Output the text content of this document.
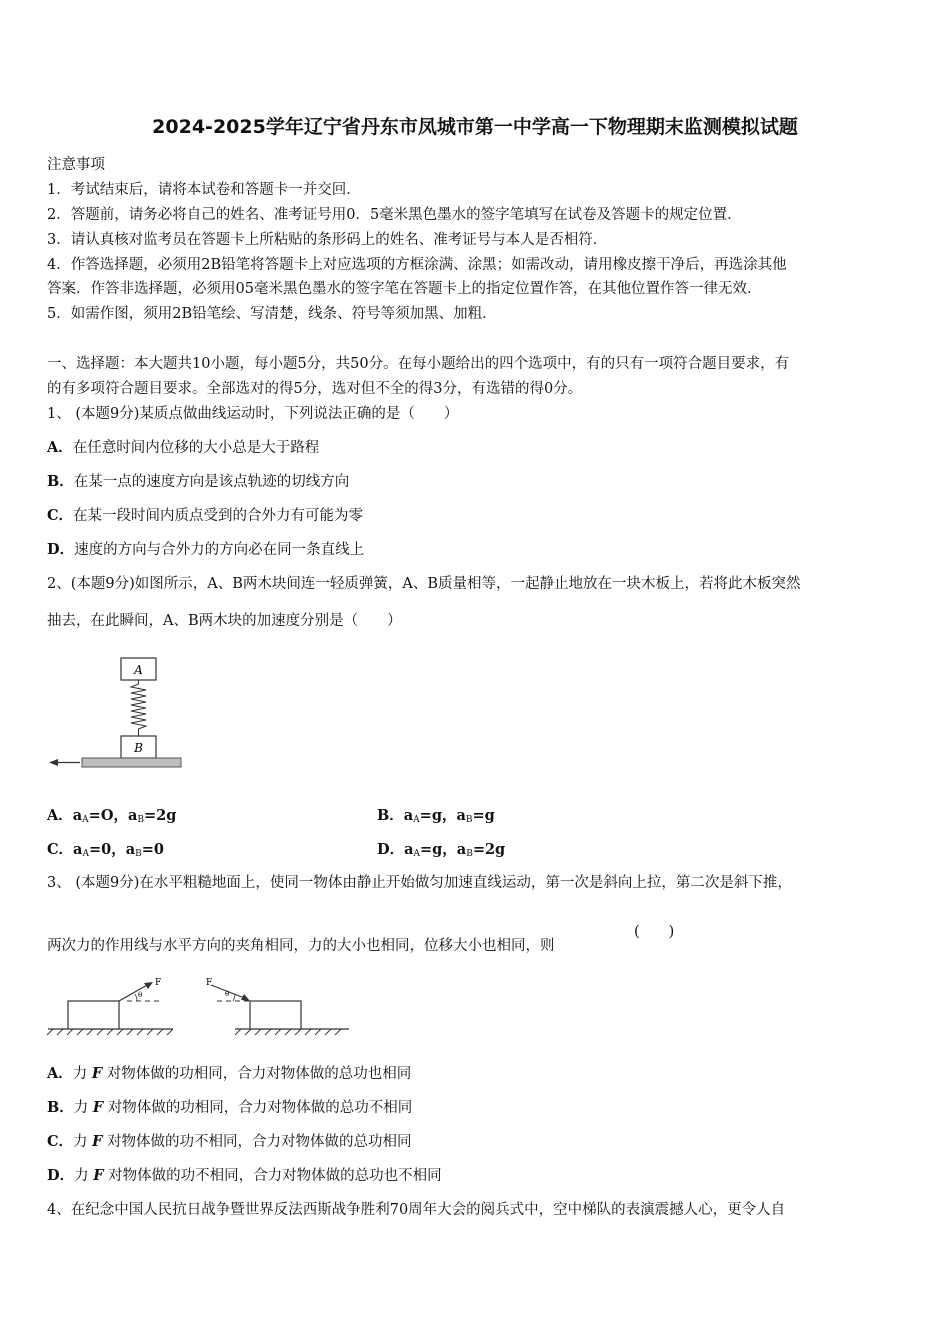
2024-2025学年辽宁省丹东市凤城市第一中学高一下物理期末监测模拟试题
注意事项
1．考试结束后，请将本试卷和答题卡一并交回．
2．答题前，请务必将自己的姓名、准考证号用0．5毫米黑色墨水的签字笔填写在试卷及答题卡的规定位置．
3．请认真核对监考员在答题卡上所粘贴的条形码上的姓名、准考证号与本人是否相符．
4．作答选择题，必须用2B铅笔将答题卡上对应选项的方框涂满、涂黑；如需改动，请用橡皮擦干净后，再选涂其他
答案．作答非选择题，必须用05毫米黑色墨水的签字笔在答题卡上的指定位置作答，在其他位置作答一律无效．
5．如需作图，须用2B铅笔绘、写清楚，线条、符号等须加黑、加粗．
一、选择题：本大题共10小题，每小题5分，共50分。在每小题给出的四个选项中，有的只有一项符合题目要求，有
的有多项符合题目要求。全部选对的得5分，选对但不全的得3分，有选错的得0分。
1、 (本题9分)某质点做曲线运动时，下列说法正确的是（　　）
A．在任意时间内位移的大小总是大于路程
B．在某一点的速度方向是该点轨迹的切线方向
C．在某一段时间内质点受到的合外力有可能为零
D．速度的方向与合外力的方向必在同一条直线上
2、(本题9分)如图所示，A、B两木块间连一轻质弹簧，A、B质量相等，一起静止地放在一块木板上，若将此木板突然
抽去，在此瞬间，A、B两木块的加速度分别是（　　）
A
B
A．$a_A=O$，$a_B=2g$	B．$a_A=g$，$a_B=g$
C．$a_A=0$，$a_B=0$	D．$a_A=g$，$a_B=2g$
3、 (本题9分)在水平粗糙地面上，使同一物体由静止开始做匀加速直线运动，第一次是斜向上拉，第二次是斜下推，
两次力的作用线与水平方向的夹角相同，力的大小也相同，位移大小也相同，则
(　　)
F
θ
F
θ
A．力 F 对物体做的功相同，合力对物体做的总功也相同
B．力 F 对物体做的功相同，合力对物体做的总功不相同
C．力 F 对物体做的功不相同，合力对物体做的总功相同
D．力 F 对物体做的功不相同，合力对物体做的总功也不相同
4、在纪念中国人民抗日战争暨世界反法西斯战争胜利70周年大会的阅兵式中，空中梯队的表演震撼人心，更令人自
